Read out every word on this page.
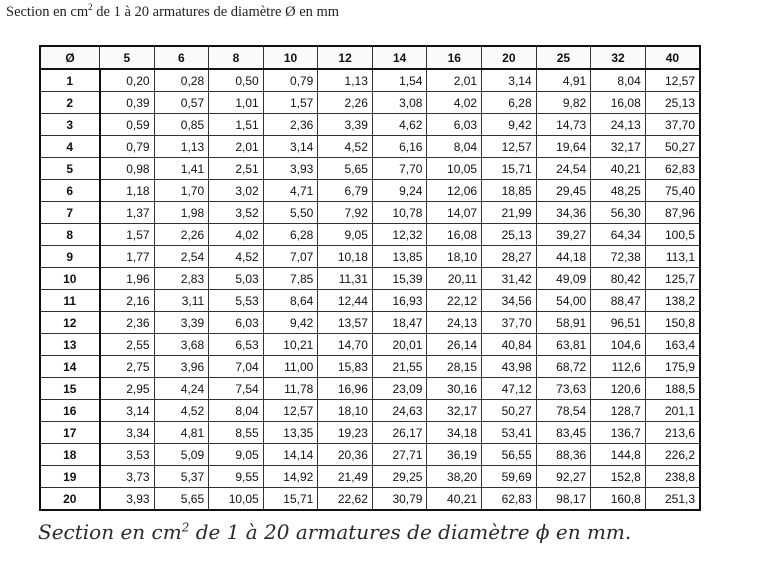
Section en $cm^2$ de 1 à 20 armatures de diamètre Ø en mm
Ø	5	6	8	10	12	14	16	20	25	32	40
1	0,20	0,28	0,50	0,79	1,13	1,54	2,01	3,14	4,91	8,04	12,57
2	0,39	0,57	1,01	1,57	2,26	3,08	4,02	6,28	9,82	16,08	25,13
3	0,59	0,85	1,51	2,36	3,39	4,62	6,03	9,42	14,73	24,13	37,70
4	0,79	1,13	2,01	3,14	4,52	6,16	8,04	12,57	19,64	32,17	50,27
5	0,98	1,41	2,51	3,93	5,65	7,70	10,05	15,71	24,54	40,21	62,83
6	1,18	1,70	3,02	4,71	6,79	9,24	12,06	18,85	29,45	48,25	75,40
7	1,37	1,98	3,52	5,50	7,92	10,78	14,07	21,99	34,36	56,30	87,96
8	1,57	2,26	4,02	6,28	9,05	12,32	16,08	25,13	39,27	64,34	100,5
9	1,77	2,54	4,52	7,07	10,18	13,85	18,10	28,27	44,18	72,38	113,1
10	1,96	2,83	5,03	7,85	11,31	15,39	20,11	31,42	49,09	80,42	125,7
11	2,16	3,11	5,53	8,64	12,44	16,93	22,12	34,56	54,00	88,47	138,2
12	2,36	3,39	6,03	9,42	13,57	18,47	24,13	37,70	58,91	96,51	150,8
13	2,55	3,68	6,53	10,21	14,70	20,01	26,14	40,84	63,81	104,6	163,4
14	2,75	3,96	7,04	11,00	15,83	21,55	28,15	43,98	68,72	112,6	175,9
15	2,95	4,24	7,54	11,78	16,96	23,09	30,16	47,12	73,63	120,6	188,5
16	3,14	4,52	8,04	12,57	18,10	24,63	32,17	50,27	78,54	128,7	201,1
17	3,34	4,81	8,55	13,35	19,23	26,17	34,18	53,41	83,45	136,7	213,6
18	3,53	5,09	9,05	14,14	20,36	27,71	36,19	56,55	88,36	144,8	226,2
19	3,73	5,37	9,55	14,92	21,49	29,25	38,20	59,69	92,27	152,8	238,8
20	3,93	5,65	10,05	15,71	22,62	30,79	40,21	62,83	98,17	160,8	251,3
Section en $cm^2$ de 1 à 20 armatures de diamètre ϕ en mm.
